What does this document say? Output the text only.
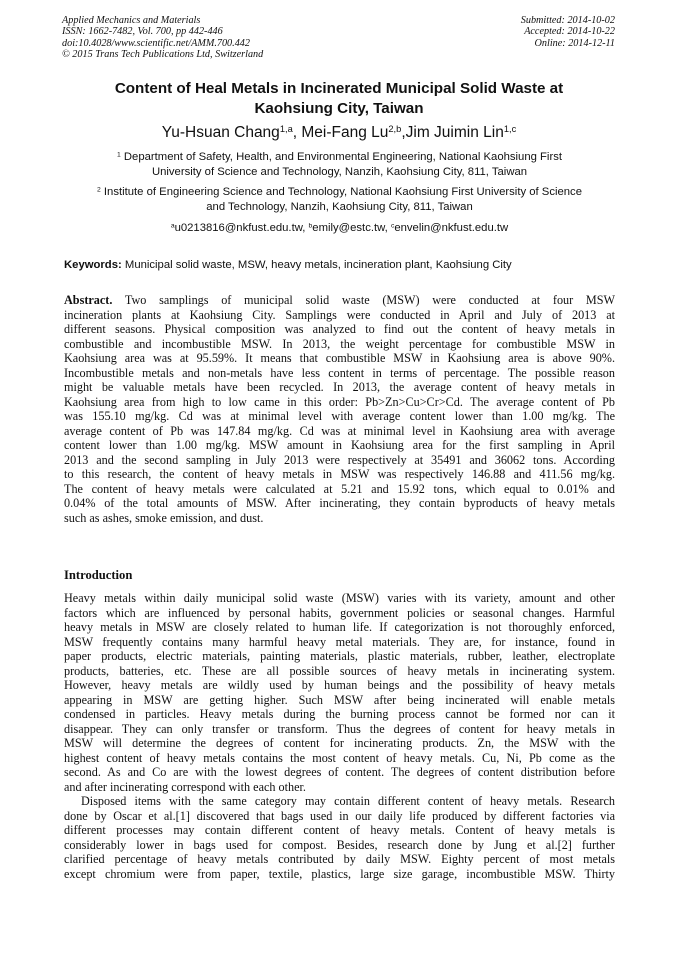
Applied Mechanics and Materials
ISSN: 1662-7482, Vol. 700, pp 442-446
doi:10.4028/www.scientific.net/AMM.700.442
© 2015 Trans Tech Publications Ltd, Switzerland
Submitted: 2014-10-02
Accepted: 2014-10-22
Online: 2014-12-11
Content of Heal Metals in Incinerated Municipal Solid Waste at
Kaohsiung City, Taiwan
Yu-Hsuan Chang$^{1,a}$, Mei-Fang Lu$^{2,b}$,Jim Juimin Lin$^{1,c}$
$^1$ Department of Safety, Health, and Environmental Engineering, National Kaohsiung First
University of Science and Technology, Nanzih, Kaohsiung City, 811, Taiwan
$^2$ Institute of Engineering Science and Technology, National Kaohsiung First University of Science
and Technology, Nanzih, Kaohsiung City, 811, Taiwan
$^a$u0213816@nkfust.edu.tw, $^b$emily@estc.tw, $^c$envelin@nkfust.edu.tw
Keywords: Municipal solid waste, MSW, heavy metals, incineration plant, Kaohsiung City
Abstract. Two samplings of municipal solid waste (MSW) were conducted at four MSW
incineration plants at Kaohsiung City. Samplings were conducted in April and July of 2013 at
different seasons. Physical composition was analyzed to find out the content of heavy metals in
combustible and incombustible MSW. In 2013, the weight percentage for combustible MSW in
Kaohsiung area was at 95.59%. It means that combustible MSW in Kaohsiung area is above 90%.
Incombustible metals and non-metals have less content in terms of percentage. The possible reason
might be valuable metals have been recycled. In 2013, the average content of heavy metals in
Kaohsiung area from high to low came in this order: Pb>Zn>Cu>Cr>Cd. The average content of Pb
was 155.10 mg/kg. Cd was at minimal level with average content lower than 1.00 mg/kg. The
average content of Pb was 147.84 mg/kg. Cd was at minimal level in Kaohsiung area with average
content lower than 1.00 mg/kg. MSW amount in Kaohsiung area for the first sampling in April
2013 and the second sampling in July 2013 were respectively at 35491 and 36062 tons. According
to this research, the content of heavy metals in MSW was respectively 146.88 and 411.56 mg/kg.
The content of heavy metals were calculated at 5.21 and 15.92 tons, which equal to 0.01% and
0.04% of the total amounts of MSW. After incinerating, they contain byproducts of heavy metals
such as ashes, smoke emission, and dust.
Introduction
Heavy metals within daily municipal solid waste (MSW) varies with its variety, amount and other
factors which are influenced by personal habits, government policies or seasonal changes. Harmful
heavy metals in MSW are closely related to human life. If categorization is not thoroughly enforced,
MSW frequently contains many harmful heavy metal materials. They are, for instance, found in
paper products, electric materials, painting materials, plastic materials, rubber, leather, electroplate
products, batteries, etc. These are all possible sources of heavy metals in incinerating system.
However, heavy metals are wildly used by human beings and the possibility of heavy metals
appearing in MSW are getting higher. Such MSW after being incinerated will enable metals
condensed in particles. Heavy metals during the burning process cannot be formed nor can it
disappear. They can only transfer or transform. Thus the degrees of content for heavy metals in
MSW will determine the degrees of content for incinerating products. Zn, the MSW with the
highest content of heavy metals contains the most content of heavy metals. Cu, Ni, Pb come as the
second. As and Co are with the lowest degrees of content. The degrees of content distribution before
and after incinerating correspond with each other.
Disposed items with the same category may contain different content of heavy metals. Research
done by Oscar et al.[1] discovered that bags used in our daily life produced by different factories via
different processes may contain different content of heavy metals. Content of heavy metals is
considerably lower in bags used for compost. Besides, research done by Jung et al.[2] further
clarified percentage of heavy metals contributed by daily MSW. Eighty percent of most metals
except chromium were from paper, textile, plastics, large size garage, incombustible MSW. Thirty
